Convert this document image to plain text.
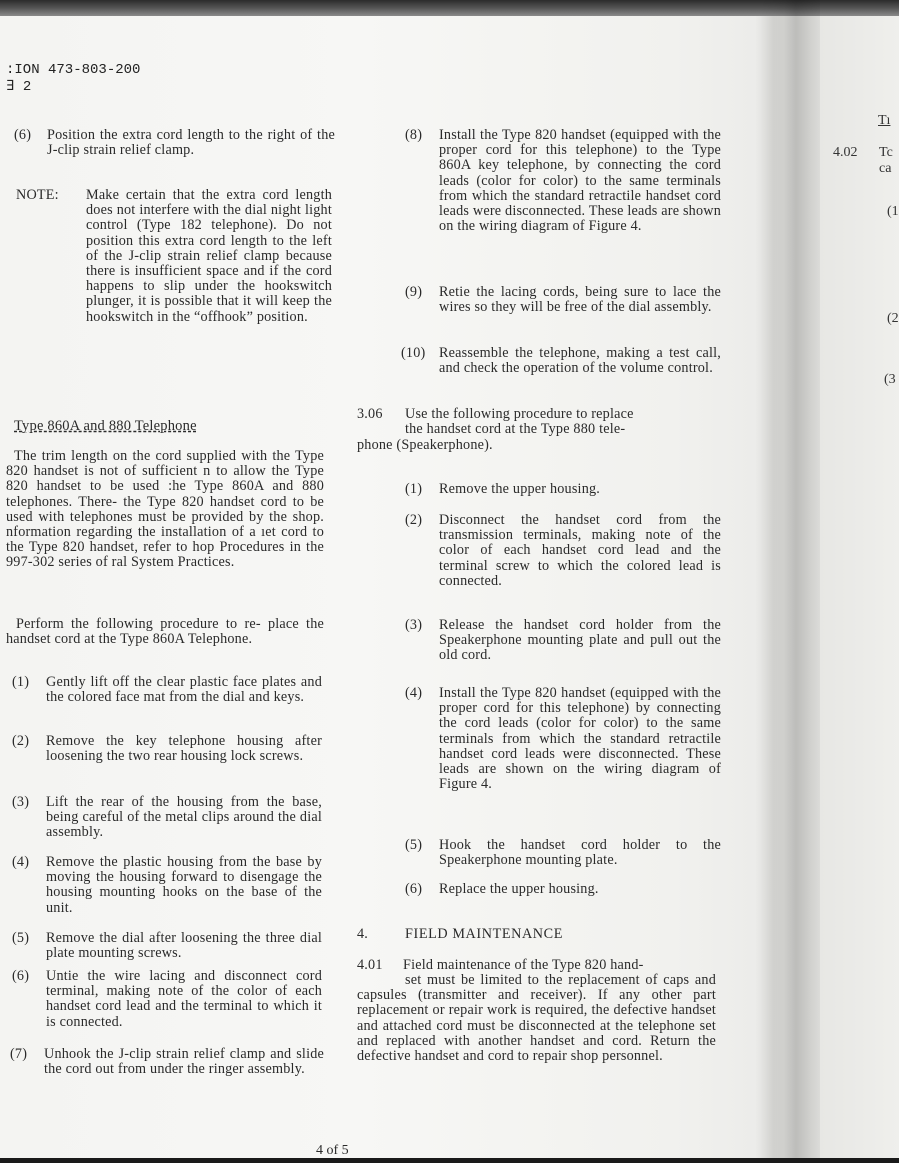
:ION 473-803-200
∃ 2
(6) Position the extra cord length to the right of the J-clip strain relief clamp.
NOTE: Make certain that the extra cord length does not interfere with the dial night light control (Type 182 telephone). Do not position this extra cord length to the left of the J-clip strain relief clamp because there is insufficient space and if the cord happens to slip under the hookswitch plunger, it is possible that it will keep the hookswitch in the “offhook” position.
Type 860A and 880 Telephone
The trim length on the cord supplied with the Type 820 handset is not of sufficient n to allow the Type 820 handset to be used :he Type 860A and 880 telephones. There- the Type 820 handset cord to be used with telephones must be provided by the shop. nformation regarding the installation of a ıet cord to the Type 820 handset, refer to hop Procedures in the 997-302 series of ral System Practices.
Perform the following procedure to re- place the handset cord at the Type 860A Telephone.
(1) Gently lift off the clear plastic face plates and the colored face mat from the dial and keys.
(2) Remove the key telephone housing after loosening the two rear housing lock screws.
(3) Lift the rear of the housing from the base, being careful of the metal clips around the dial assembly.
(4) Remove the plastic housing from the base by moving the housing forward to disengage the housing mounting hooks on the base of the unit.
(5) Remove the dial after loosening the three dial plate mounting screws.
(6) Untie the wire lacing and disconnect cord terminal, making note of the color of each handset cord lead and the terminal to which it is connected.
(7) Unhook the J-clip strain relief clamp and slide the cord out from under the ringer assembly.
(8) Install the Type 820 handset (equipped with the proper cord for this telephone) to the Type 860A key telephone, by connecting the cord leads (color for color) to the same terminals from which the standard retractile handset cord leads were disconnected. These leads are shown on the wiring diagram of Figure 4.
(9) Retie the lacing cords, being sure to lace the wires so they will be free of the dial assembly.
(10) Reassemble the telephone, making a test call, and check the operation of the volume control.
3.06 Use the following procedure to replace
the handset cord at the Type 880 tele-
phone (Speakerphone).
(1) Remove the upper housing.
(2) Disconnect the handset cord from the transmission terminals, making note of the color of each handset cord lead and the terminal screw to which the colored lead is connected.
(3) Release the handset cord holder from the Speakerphone mounting plate and pull out the old cord.
(4) Install the Type 820 handset (equipped with the proper cord for this telephone) by connecting the cord leads (color for color) to the same terminals from which the standard retractile handset cord leads were disconnected. These leads are shown on the wiring diagram of Figure 4.
(5) Hook the handset cord holder to the Speakerphone mounting plate.
(6) Replace the upper housing.
4.	FIELD MAINTENANCE
4.01 Field maintenance of the Type 820 hand-
set must be limited to the replacement of caps and capsules (transmitter and receiver). If any other part replacement or repair work is required, the defective handset and attached cord must be disconnected at the telephone set and replaced with another handset and cord. Return the defective handset and cord to repair shop personnel.
Tı
4.02 Tc
ca
(1
(2
(3
4 of 5
